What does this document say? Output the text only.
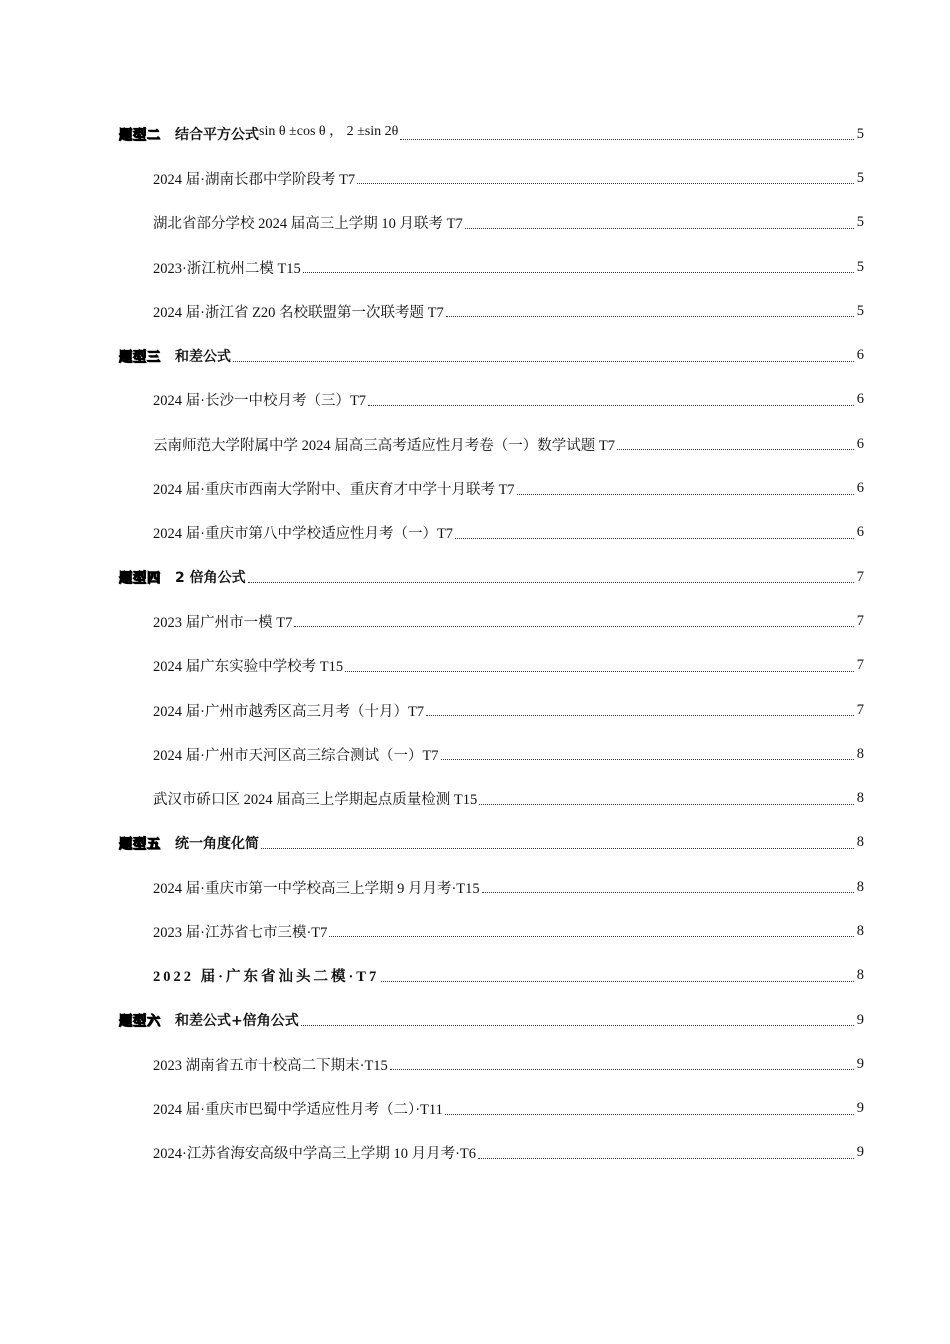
题型二 结合平方公式sin θ ±cos θ ， 2 ±sin 2θ	5
2024 届·湖南长郡中学阶段考 T7	5
湖北省部分学校 2024 届高三上学期 10 月联考 T7	5
2023·浙江杭州二模 T15	5
2024 届·浙江省 Z20 名校联盟第一次联考题 T7	5
题型三 和差公式	6
2024 届·长沙一中校月考（三）T7	6
云南师范大学附属中学 2024 届高三高考适应性月考卷（一）数学试题 T7	6
2024 届·重庆市西南大学附中、重庆育才中学十月联考 T7	6
2024 届·重庆市第八中学校适应性月考（一）T7	6
题型四 2 倍角公式	7
2023 届广州市一模 T7	7
2024 届广东实验中学校考 T15	7
2024 届·广州市越秀区高三月考（十月）T7	7
2024 届·广州市天河区高三综合测试（一）T7	8
武汉市硚口区 2024 届高三上学期起点质量检测 T15	8
题型五 统一角度化简	8
2024 届·重庆市第一中学校高三上学期 9 月月考·T15	8
2023 届·江苏省七市三模·T7	8
2022 届·广东省汕头二模·T7	8
题型六 和差公式+倍角公式	9
2023 湖南省五市十校高二下期末·T15	9
2024 届·重庆市巴蜀中学适应性月考（二）·T11	9
2024·江苏省海安高级中学高三上学期 10 月月考·T6	9
